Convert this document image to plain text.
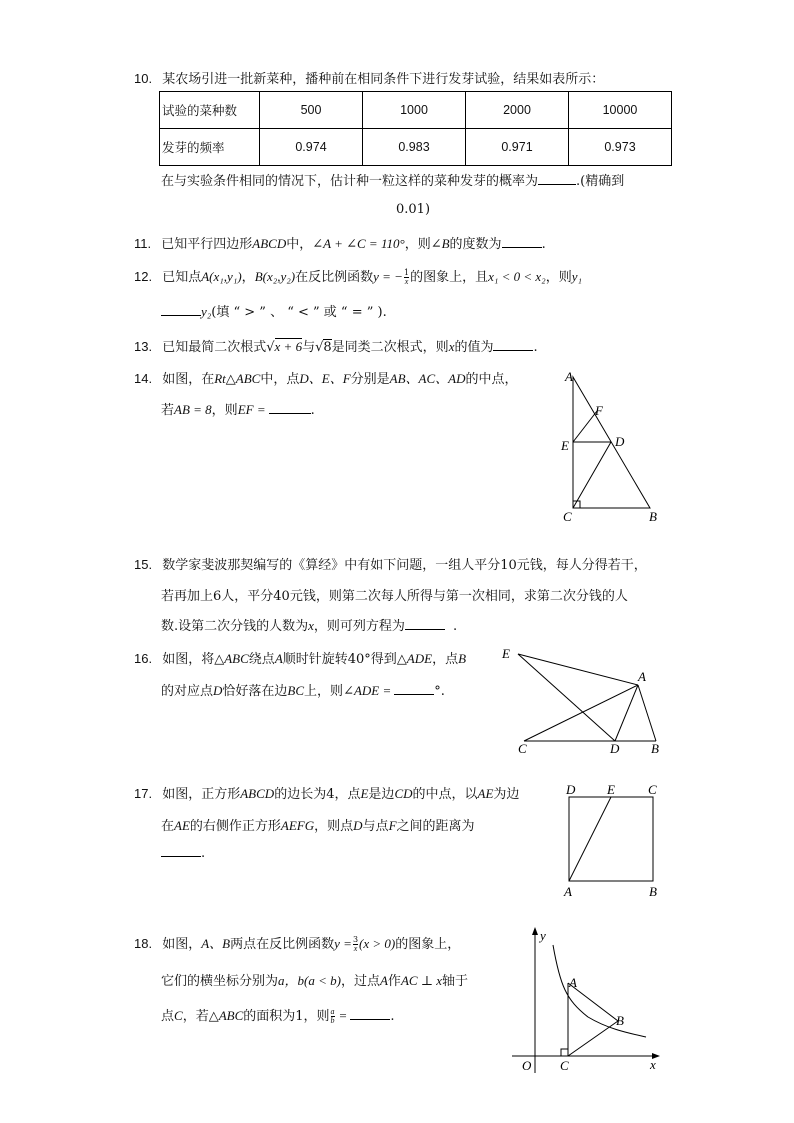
10. 某农场引进一批新菜种，播种前在相同条件下进行发芽试验，结果如表所示：
试验的菜种数	500	1000	2000	10000
发芽的频率	0.974	0.983	0.971	0.973
在与实验条件相同的情况下，估计种一粒这样的菜种发芽的概率为	.(精确到
0.01)
11. 已知平行四边形ABCD中，∠A + ∠C = 110°，则∠B的度数为	.
12. 已知点A(x₁,y₁)，B(x₂,y₂)在反比例函数y = − $\frac{1}{x}$ 的图象上，且x₁ < 0 < x₂，则y₁
y₂(填 “ > ” 、 “ < ” 或 “ = ” ).
13. 已知最简二次根式√x + 6与√8是同类二次根式，则x的值为	.
14. 如图，在Rt△ABC中，点D、E、F分别是AB、AC、AD的中点，
若AB = 8，则EF =	.
A
F
D
E
C	B
15. 数学家斐波那契编写的《算经》中有如下问题，一组人平分10元钱，每人分得若干，
若再加上6人，平分40元钱，则第二次每人所得与第一次相同，求第二次分钱的人
数.设第二次分钱的人数为x，则可列方程为	.
16. 如图，将△ABC绕点A顺时针旋转40°得到△ADE，点B
的对应点D恰好落在边BC上，则∠ADE =	°.
E
A
C	D B
17. 如图，正方形ABCD的边长为4，点E是边CD的中点，以AE为边
在AE的右侧作正方形AEFG，则点D与点F之间的距离为
.
D E	C
A	B
18. 如图，A、B两点在反比例函数$y = \frac{3}{x} (x > 0)$的图象上，
它们的横坐标分别为a，b(a < b)，过点A作AC ⊥ x轴于
点C，若△ABC的面积为1，则 $\frac{a}{b}$ =	.
y
x
O C
A
B
